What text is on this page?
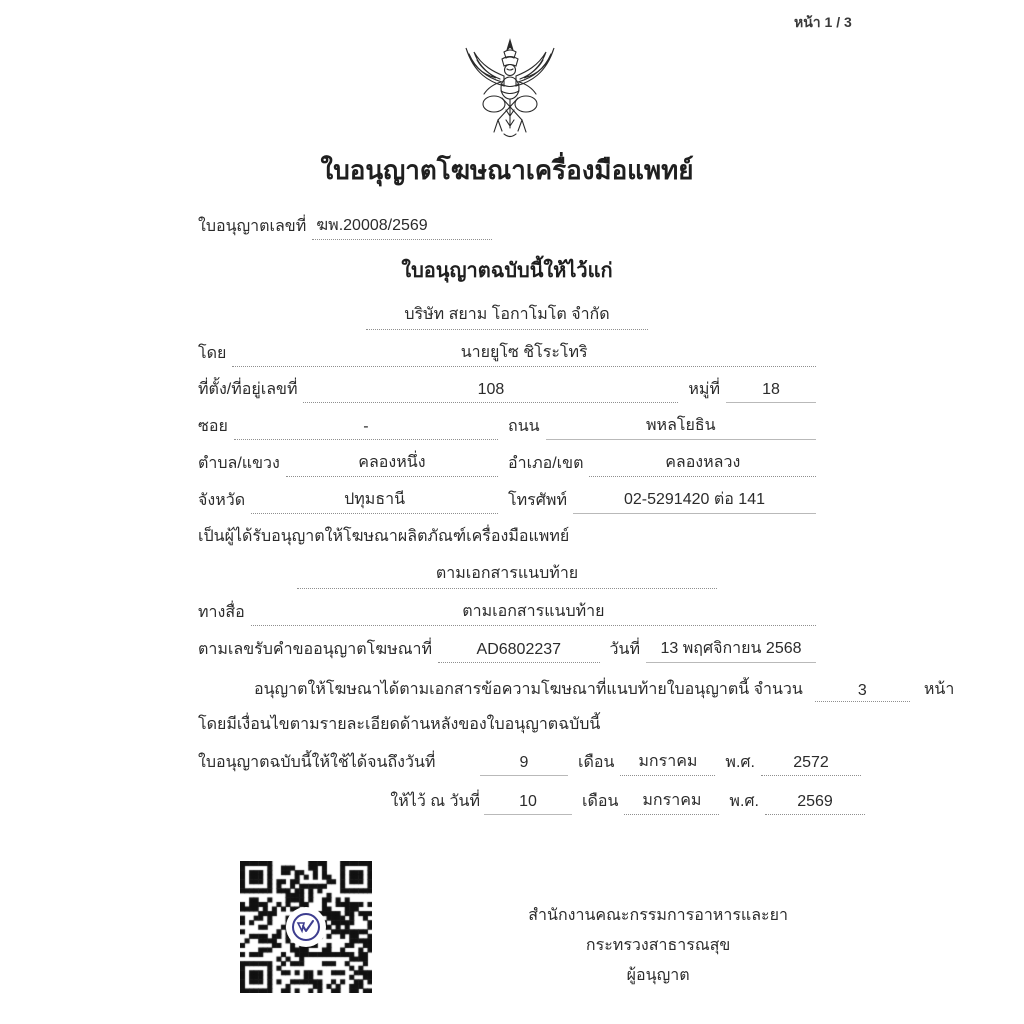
หน้า 1 / 3
ใบอนุญาตโฆษณาเครื่องมือแพทย์
ใบอนุญาตเลขที่ ฆพ.20008/2569
ใบอนุญาตฉบับนี้ให้ไว้แก่
บริษัท สยาม โอกาโมโต จำกัด
โดย	นายยูโซ ชิโระโทริ
ที่ตั้ง/ที่อยู่เลขที่	108	หมู่ที่	18
ซอย	-	ถนน	พหลโยธิน
ตำบล/แขวง	คลองหนึ่ง	อำเภอ/เขต	คลองหลวง
จังหวัด	ปทุมธานี	โทรศัพท์	02-5291420 ต่อ 141
เป็นผู้ได้รับอนุญาตให้โฆษณาผลิตภัณฑ์เครื่องมือแพทย์
ตามเอกสารแนบท้าย
ทางสื่อ	ตามเอกสารแนบท้าย
ตามเลขรับคำขออนุญาตโฆษณาที่	AD6802237	วันที่	13 พฤศจิกายน 2568
อนุญาตให้โฆษณาได้ตามเอกสารข้อความโฆษณาที่แนบท้ายใบอนุญาตนี้ จำนวน	3	หน้า
โดยมีเงื่อนไขตามรายละเอียดด้านหลังของใบอนุญาตฉบับนี้
ใบอนุญาตฉบับนี้ให้ใช้ได้จนถึงวันที่	9	เดือน	มกราคม	พ.ศ.	2572
ให้ไว้ ณ วันที่	10	เดือน	มกราคม	พ.ศ.	2569
สำนักงานคณะกรรมการอาหารและยา
กระทรวงสาธารณสุข
ผู้อนุญาต
